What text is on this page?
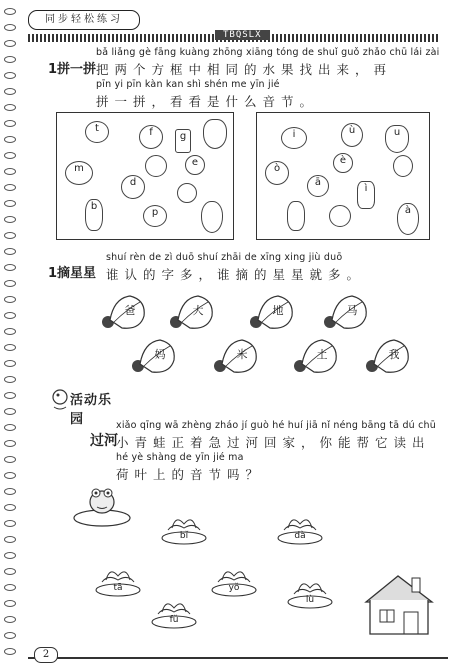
同步轻松练习
TBQSLX
1拼一拼
bǎ liǎng gè fāng kuàng zhōng xiāng tóng de shuǐ guǒ zhǎo chū lái zài
把两个方框中相同的水果找出来，再
pīn yi pīn kàn kan shì shén me yīn jié
拼一拼，看看是什么音节。
t	f	g
m
e
d
b
p
i	ù	u
ò
è
ā
ì
à
1摘星星
shuí rèn de zì duō shuí zhāi de xīng xing jiù duō
谁认的字多，谁摘的星星就多。
活动乐园
过河
xiǎo qīng wā zhèng zháo jí guò hé huí jiā nǐ néng bāng tā dú chū
小青蛙正着急过河回家，你能帮它读出
hé yè shàng de yīn jié ma
荷叶上的音节吗？
2
爸	大	地	马
妈	米	土	我
bǐ	dà
tā
fǔ
yǒ
lù
